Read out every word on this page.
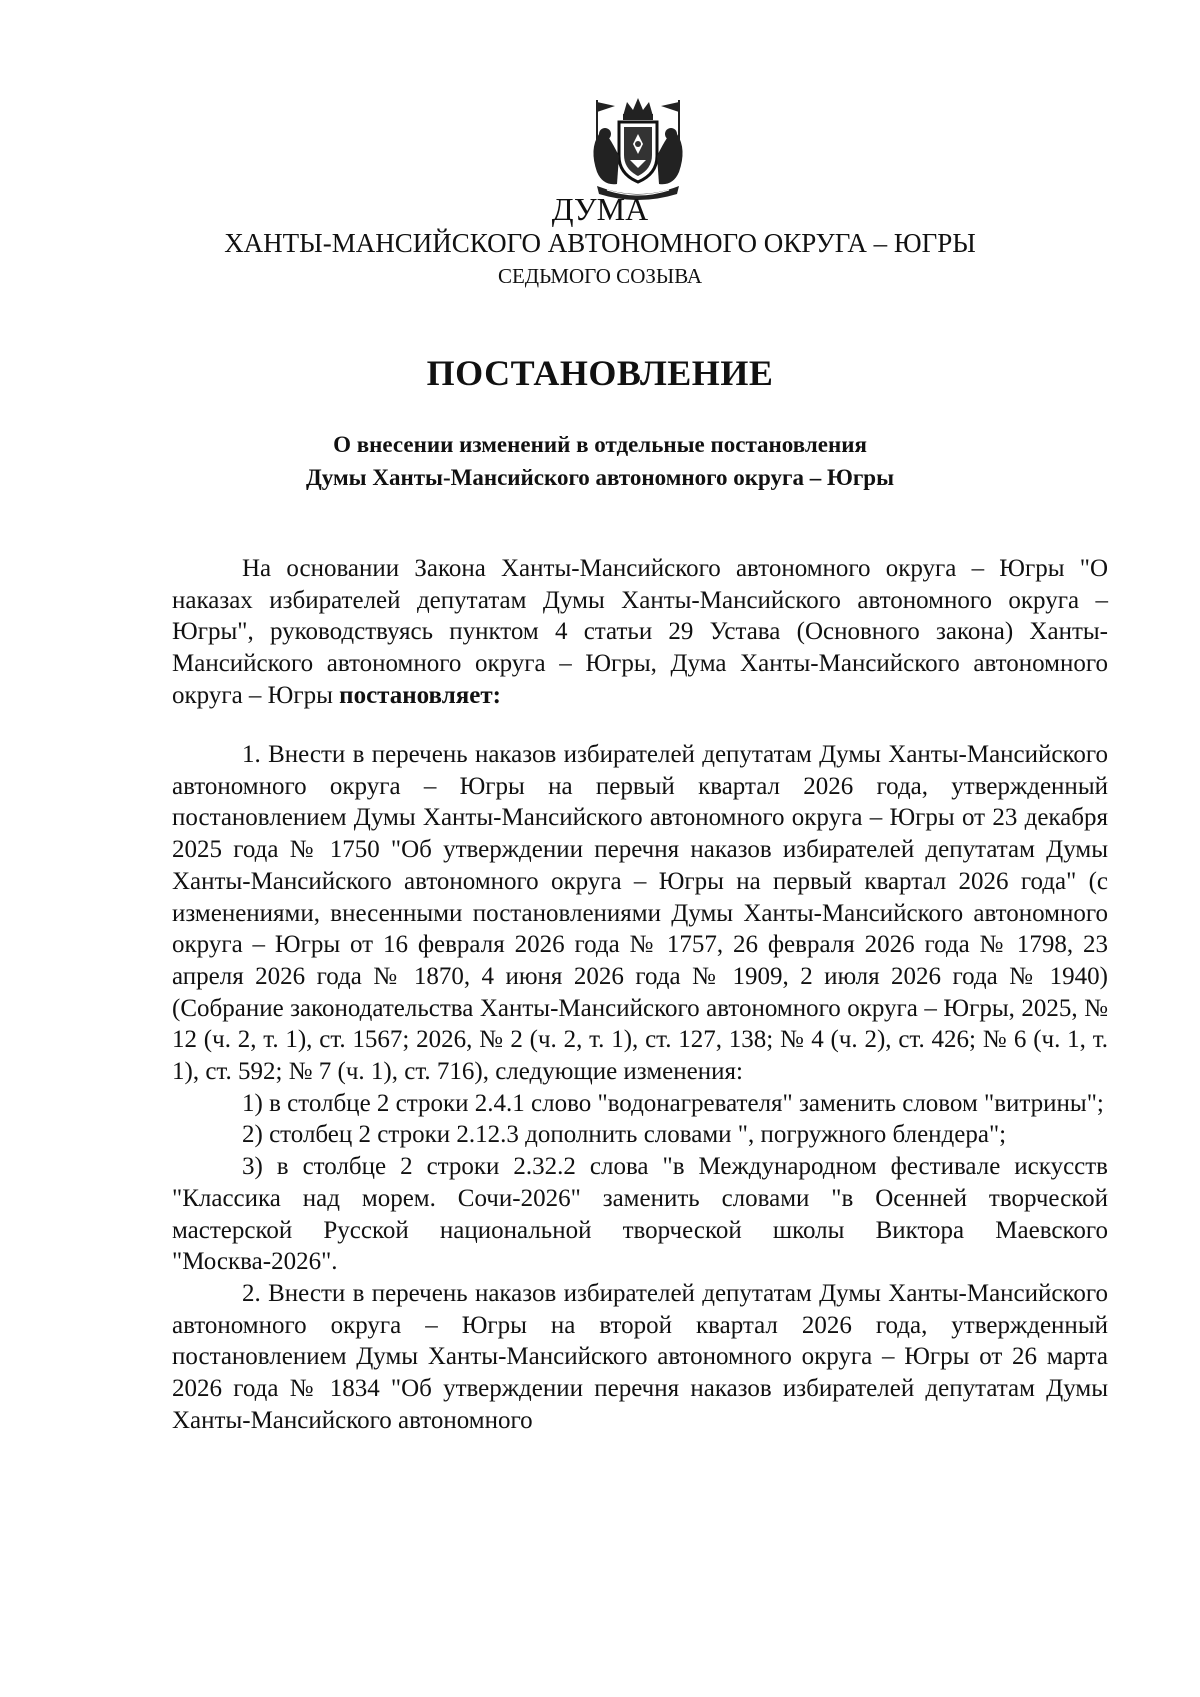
ДУМА
ХАНТЫ-МАНСИЙСКОГО АВТОНОМНОГО ОКРУГА – ЮГРЫ
СЕДЬМОГО СОЗЫВА
ПОСТАНОВЛЕНИЕ
О внесении изменений в отдельные постановления
Думы Ханты-Мансийского автономного округа – Югры

На основании Закона Ханты-Мансийского автономного округа – Югры "О наказах избирателей депутатам Думы Ханты-Мансийского автономного округа – Югры", руководствуясь пунктом 4 статьи 29 Устава (Основного закона) Ханты-Мансийского автономного округа – Югры, Дума Ханты-Мансийского автономного округа – Югры постановляет:

1. Внести в перечень наказов избирателей депутатам Думы Ханты-Мансийского автономного округа – Югры на первый квартал 2026 года, утвержденный постановлением Думы Ханты-Мансийского автономного округа – Югры от 23 декабря 2025 года № 1750 "Об утверждении перечня наказов избирателей депутатам Думы Ханты-Мансийского автономного округа – Югры на первый квартал 2026 года" (с изменениями, внесенными постановлениями Думы Ханты-Мансийского автономного округа – Югры от 16 февраля 2026 года № 1757, 26 февраля 2026 года № 1798, 23 апреля 2026 года № 1870, 4 июня 2026 года № 1909, 2 июля 2026 года № 1940) (Собрание законодательства Ханты-Мансийского автономного округа – Югры, 2025, № 12 (ч. 2, т. 1), ст. 1567; 2026, № 2 (ч. 2, т. 1), ст. 127, 138; № 4 (ч. 2), ст. 426; № 6 (ч. 1, т. 1), ст. 592; № 7 (ч. 1), ст. 716), следующие изменения:

1) в столбце 2 строки 2.4.1 слово "водонагревателя" заменить словом "витрины";

2) столбец 2 строки 2.12.3 дополнить словами ", погружного блендера";

3) в столбце 2 строки 2.32.2 слова "в Международном фестивале искусств "Классика над морем. Сочи-2026" заменить словами "в Осенней творческой мастерской Русской национальной творческой школы Виктора Маевского "Москва-2026".

2. Внести в перечень наказов избирателей депутатам Думы Ханты-Мансийского автономного округа – Югры на второй квартал 2026 года, утвержденный постановлением Думы Ханты-Мансийского автономного округа – Югры от 26 марта 2026 года № 1834 "Об утверждении перечня наказов избирателей депутатам Думы Ханты-Мансийского автономного
